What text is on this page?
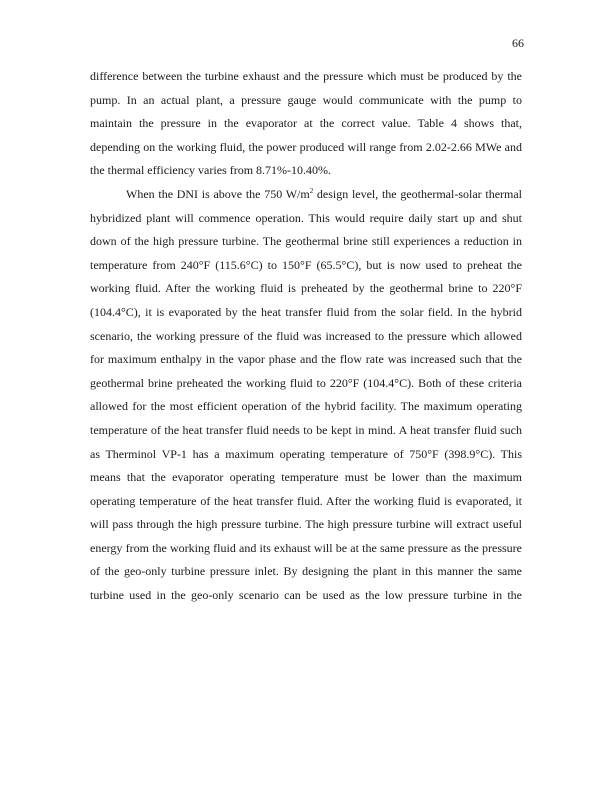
66

difference between the turbine exhaust and the pressure which must be produced by the
pump. In an actual plant, a pressure gauge would communicate with the pump to
maintain the pressure in the evaporator at the correct value. Table 4 shows that,
depending on the working fluid, the power produced will range from 2.02-2.66 MWe and
the thermal efficiency varies from 8.71%-10.40%.

When the DNI is above the 750 $W/m^2$ design level, the geothermal-solar thermal
hybridized plant will commence operation. This would require daily start up and shut
down of the high pressure turbine. The geothermal brine still experiences a reduction in
temperature from 240°F (115.6°C) to 150°F (65.5°C), but is now used to preheat the
working fluid. After the working fluid is preheated by the geothermal brine to 220°F
(104.4°C), it is evaporated by the heat transfer fluid from the solar field. In the hybrid
scenario, the working pressure of the fluid was increased to the pressure which allowed
for maximum enthalpy in the vapor phase and the flow rate was increased such that the
geothermal brine preheated the working fluid to 220°F (104.4°C). Both of these criteria
allowed for the most efficient operation of the hybrid facility. The maximum operating
temperature of the heat transfer fluid needs to be kept in mind. A heat transfer fluid such
as Therminol VP-1 has a maximum operating temperature of 750°F (398.9°C). This
means that the evaporator operating temperature must be lower than the maximum
operating temperature of the heat transfer fluid. After the working fluid is evaporated, it
will pass through the high pressure turbine. The high pressure turbine will extract useful
energy from the working fluid and its exhaust will be at the same pressure as the pressure
of the geo-only turbine pressure inlet. By designing the plant in this manner the same
turbine used in the geo-only scenario can be used as the low pressure turbine in the
